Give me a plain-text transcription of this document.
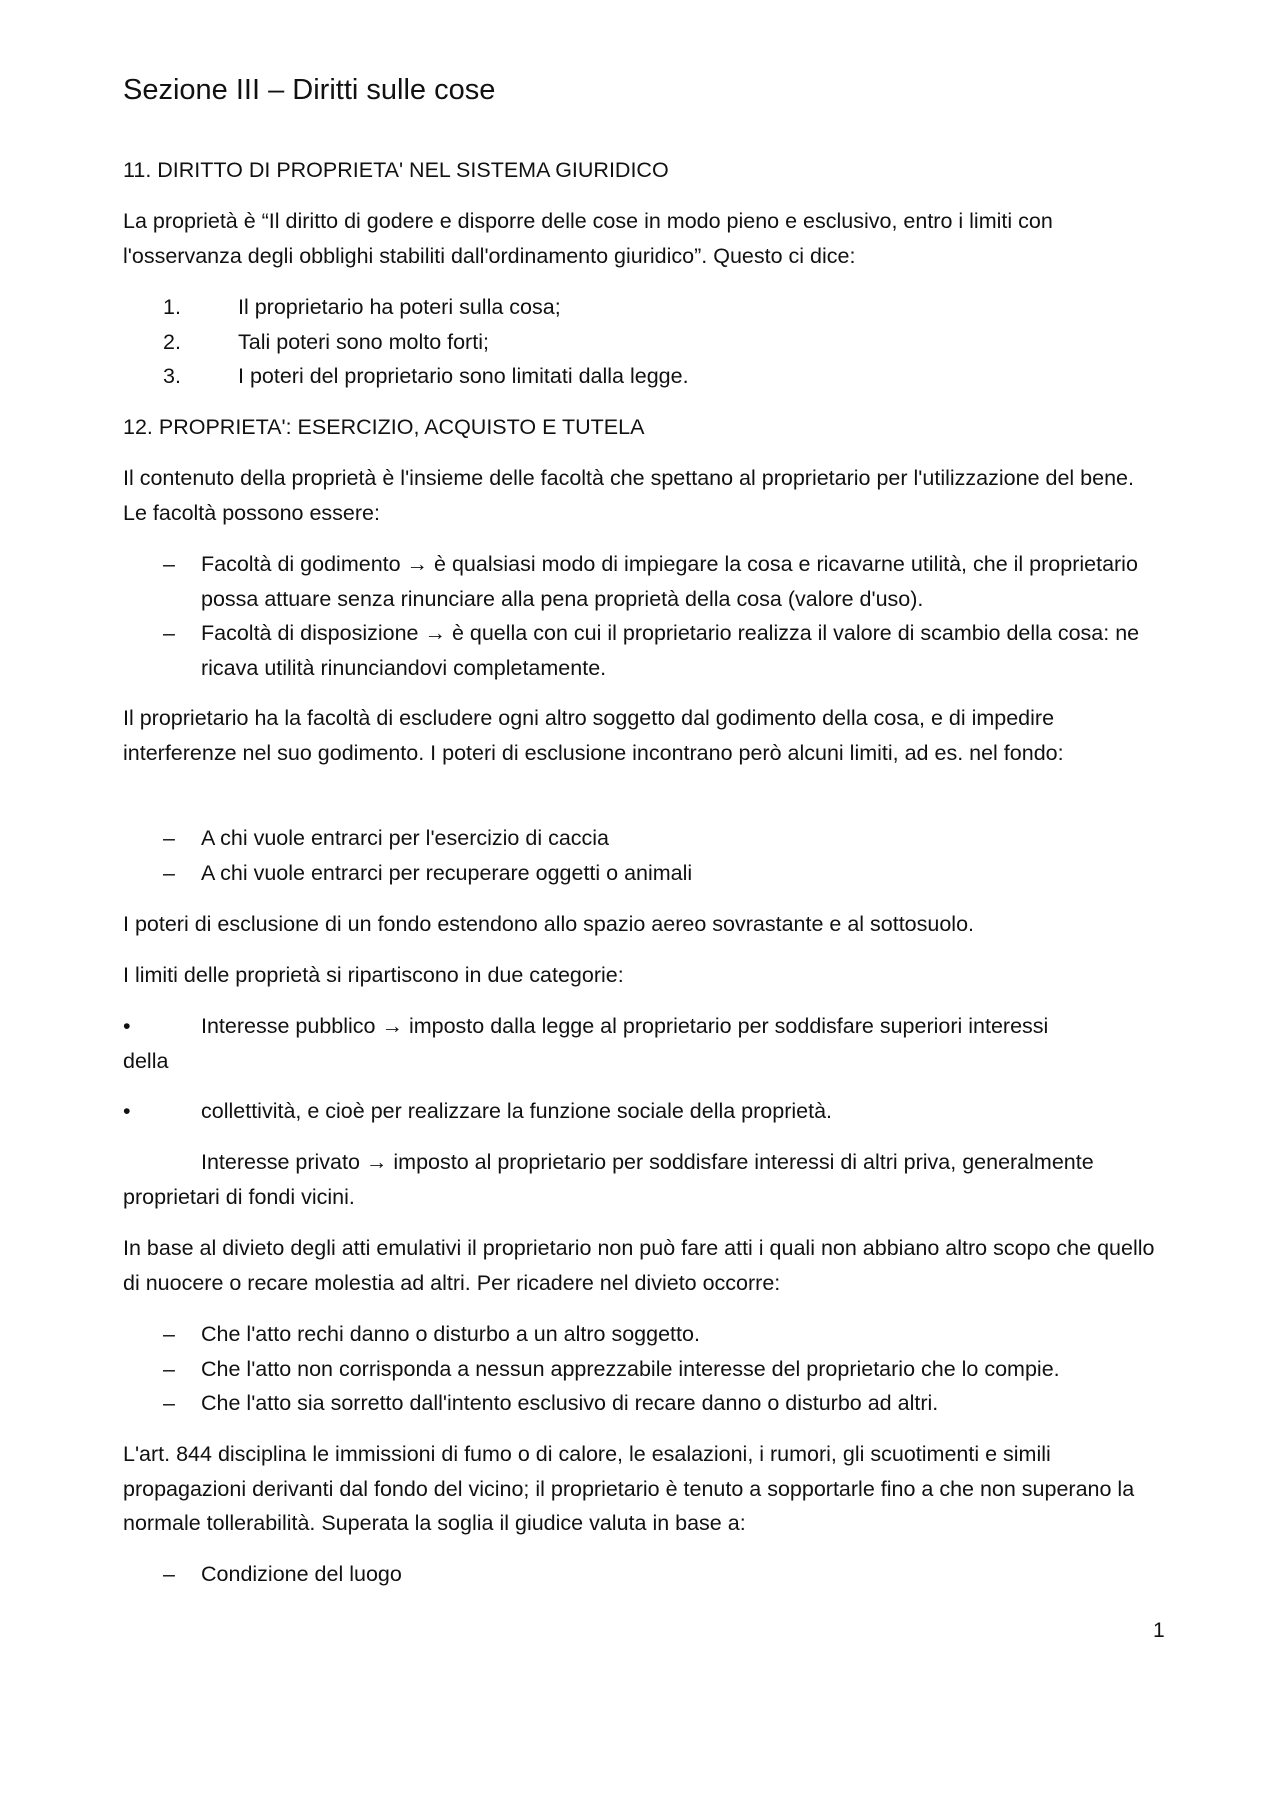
Sezione III – Diritti sulle cose

11. DIRITTO DI PROPRIETA' NEL SISTEMA GIURIDICO

La proprietà è “Il diritto di godere e disporre delle cose in modo pieno e esclusivo, entro i limiti con l'osservanza degli obblighi stabiliti dall'ordinamento giuridico”. Questo ci dice:

1.	Il proprietario ha poteri sulla cosa;
2.	Tali poteri sono molto forti;
3.	I poteri del proprietario sono limitati dalla legge.

12. PROPRIETA': ESERCIZIO, ACQUISTO E TUTELA

Il contenuto della proprietà è l'insieme delle facoltà che spettano al proprietario per l'utilizzazione del bene. Le facoltà possono essere:

– Facoltà di godimento → è qualsiasi modo di impiegare la cosa e ricavarne utilità, che il proprietario possa attuare senza rinunciare alla pena proprietà della cosa (valore d'uso).
– Facoltà di disposizione → è quella con cui il proprietario realizza il valore di scambio della cosa: ne ricava utilità rinunciandovi completamente.

Il proprietario ha la facoltà di escludere ogni altro soggetto dal godimento della cosa, e di impedire interferenze nel suo godimento. I poteri di esclusione incontrano però alcuni limiti, ad es. nel fondo:

– A chi vuole entrarci per l'esercizio di caccia
– A chi vuole entrarci per recuperare oggetti o animali

I poteri di esclusione di un fondo estendono allo spazio aereo sovrastante e al sottosuolo.

I limiti delle proprietà si ripartiscono in due categorie:

•	Interesse pubblico → imposto dalla legge al proprietario per soddisfare superiori interessi
della
•	collettività, e cioè per realizzare la funzione sociale della proprietà.

Interesse privato → imposto al proprietario per soddisfare interessi di altri priva, generalmente proprietari di fondi vicini.

In base al divieto degli atti emulativi il proprietario non può fare atti i quali non abbiano altro scopo che quello di nuocere o recare molestia ad altri. Per ricadere nel divieto occorre:

– Che l'atto rechi danno o disturbo a un altro soggetto.
– Che l'atto non corrisponda a nessun apprezzabile interesse del proprietario che lo compie.
– Che l'atto sia sorretto dall'intento esclusivo di recare danno o disturbo ad altri.

L'art. 844 disciplina le immissioni di fumo o di calore, le esalazioni, i rumori, gli scuotimenti e simili propagazioni derivanti dal fondo del vicino; il proprietario è tenuto a sopportarle fino a che non superano la normale tollerabilità. Superata la soglia il giudice valuta in base a:

– Condizione del luogo
1
